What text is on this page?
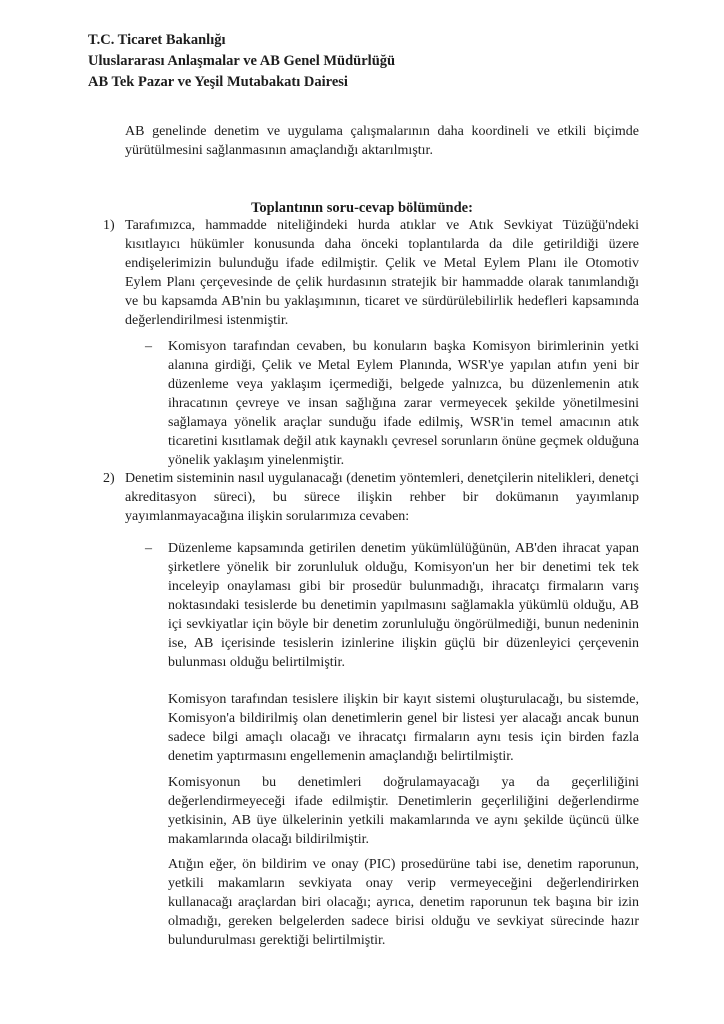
T.C. Ticaret Bakanlığı
Uluslararası Anlaşmalar ve AB Genel Müdürlüğü
AB Tek Pazar ve Yeşil Mutabakatı Dairesi

AB genelinde denetim ve uygulama çalışmalarının daha koordineli ve etkili biçimde yürütülmesini sağlanmasının amaçlandığı aktarılmıştır.

Toplantının soru-cevap bölümünde:
1) Tarafımızca, hammadde niteliğindeki hurda atıklar ve Atık Sevkiyat Tüzüğü'ndeki kısıtlayıcı hükümler konusunda daha önceki toplantılarda da dile getirildiği üzere endişelerimizin bulunduğu ifade edilmiştir. Çelik ve Metal Eylem Planı ile Otomotiv Eylem Planı çerçevesinde de çelik hurdasının stratejik bir hammadde olarak tanımlandığı ve bu kapsamda AB'nin bu yaklaşımının, ticaret ve sürdürülebilirlik hedefleri kapsamında değerlendirilmesi istenmiştir.

–	Komisyon tarafından cevaben, bu konuların başka Komisyon birimlerinin yetki alanına girdiği, Çelik ve Metal Eylem Planında, WSR'ye yapılan atıfın yeni bir düzenleme veya yaklaşım içermediği, belgede yalnızca, bu düzenlemenin atık ihracatının çevreye ve insan sağlığına zarar vermeyecek şekilde yönetilmesini sağlamaya yönelik araçlar sunduğu ifade edilmiş, WSR'in temel amacının atık ticaretini kısıtlamak değil atık kaynaklı çevresel sorunların önüne geçmek olduğuna yönelik yaklaşım yinelenmiştir.

2) Denetim sisteminin nasıl uygulanacağı (denetim yöntemleri, denetçilerin nitelikleri, denetçi akreditasyon süreci), bu sürece ilişkin rehber bir dokümanın yayımlanıp yayımlanmayacağına ilişkin sorularımıza cevaben:

–	Düzenleme kapsamında getirilen denetim yükümlülüğünün, AB'den ihracat yapan şirketlere yönelik bir zorunluluk olduğu, Komisyon'un her bir denetimi tek tek inceleyip onaylaması gibi bir prosedür bulunmadığı, ihracatçı firmaların varış noktasındaki tesislerde bu denetimin yapılmasını sağlamakla yükümlü olduğu, AB içi sevkiyatlar için böyle bir denetim zorunluluğu öngörülmediği, bunun nedeninin ise, AB içerisinde tesislerin izinlerine ilişkin güçlü bir düzenleyici çerçevenin bulunması olduğu belirtilmiştir.

Komisyon tarafından tesislere ilişkin bir kayıt sistemi oluşturulacağı, bu sistemde, Komisyon'a bildirilmiş olan denetimlerin genel bir listesi yer alacağı ancak bunun sadece bilgi amaçlı olacağı ve ihracatçı firmaların aynı tesis için birden fazla denetim yaptırmasını engellemenin amaçlandığı belirtilmiştir.

Komisyonun bu denetimleri doğrulamayacağı ya da geçerliliğini değerlendirmeyeceği ifade edilmiştir. Denetimlerin geçerliliğini değerlendirme yetkisinin, AB üye ülkelerinin yetkili makamlarında ve aynı şekilde üçüncü ülke makamlarında olacağı bildirilmiştir.

Atığın eğer, ön bildirim ve onay (PIC) prosedürüne tabi ise, denetim raporunun, yetkili makamların sevkiyata onay verip vermeyeceğini değerlendirirken kullanacağı araçlardan biri olacağı; ayrıca, denetim raporunun tek başına bir izin olmadığı, gereken belgelerden sadece birisi olduğu ve sevkiyat sürecinde hazır bulundurulması gerektiği belirtilmiştir.
